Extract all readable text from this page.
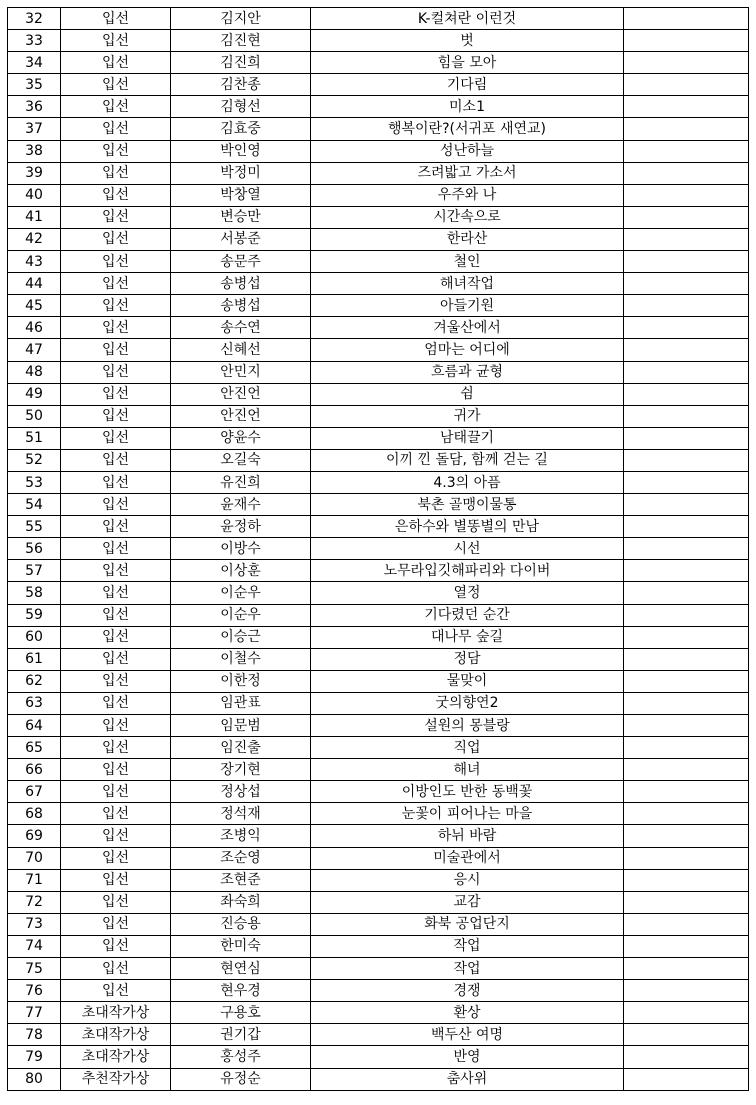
32	입선	김지안	K-컬쳐란 이런것	
33	입선	김진현	벗	
34	입선	김진희	힘을 모아	
35	입선	김찬종	기다림	
36	입선	김형선	미소1	
37	입선	김효중	행복이란?(서귀포 새연교)	
38	입선	박인영	성난하늘	
39	입선	박정미	즈려밟고 가소서	
40	입선	박창열	우주와 나	
41	입선	변승만	시간속으로	
42	입선	서봉준	한라산	
43	입선	송문주	철인	
44	입선	송병섭	해녀작업	
45	입선	송병섭	아들기원	
46	입선	송수연	겨울산에서	
47	입선	신혜선	엄마는 어디에	
48	입선	안민지	흐름과 균형	
49	입선	안진언	쉼	
50	입선	안진언	귀가	
51	입선	양윤수	남태끌기	
52	입선	오길숙	이끼 낀 돌담, 함께 걷는 길	
53	입선	유진희	4.3의 아픔	
54	입선	윤재수	북촌 골맹이물통	
55	입선	윤정하	은하수와 별똥별의 만남	
56	입선	이방수	시선	
57	입선	이상훈	노무라입깃해파리와 다이버	
58	입선	이순우	열정	
59	입선	이순우	기다렸던 순간	
60	입선	이승근	대나무 숲길	
61	입선	이철수	정담	
62	입선	이한정	물맞이	
63	입선	임관표	굿의향연2	
64	입선	임문범	설원의 몽블랑	
65	입선	임진출	직업	
66	입선	장기현	해녀	
67	입선	정상섭	이방인도 반한 동백꽃	
68	입선	정석재	눈꽃이 피어나는 마을	
69	입선	조병익	하뉘 바람	
70	입선	조순영	미술관에서	
71	입선	조현준	응시	
72	입선	좌숙희	교감	
73	입선	진승용	화북 공업단지	
74	입선	한미숙	작업	
75	입선	현연심	작업	
76	입선	현우경	경쟁	
77	초대작가상	구용호	환상	
78	초대작가상	권기갑	백두산 여명	
79	초대작가상	홍성주	반영	
80	추천작가상	유정순	춤사위	
